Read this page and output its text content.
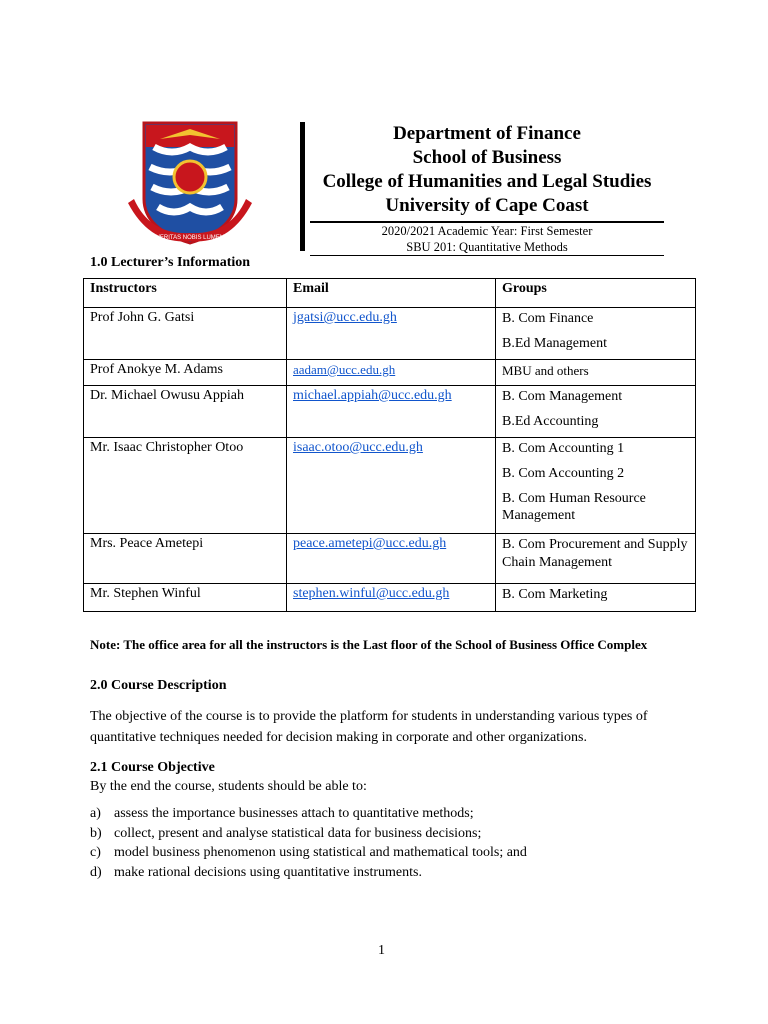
VERITAS NOBIS LUMEN
Department of Finance
School of Business
College of Humanities and Legal Studies
University of Cape Coast
2020/2021 Academic Year: First Semester
SBU 201: Quantitative Methods
1.0 Lecturer’s Information
Instructors	Email	Groups
Prof John G. Gatsi	jgatsi@ucc.edu.gh	B. Com Finance
B.Ed Management

Prof Anokye M. Adams	aadam@ucc.edu.gh	MBU and others

Dr. Michael Owusu Appiah	michael.appiah@ucc.edu.gh	B. Com Management
B.Ed Accounting

Mr. Isaac Christopher Otoo	isaac.otoo@ucc.edu.gh	B. Com Accounting 1
B. Com Accounting 2
B. Com Human Resource Management

Mrs. Peace Ametepi	peace.ametepi@ucc.edu.gh	B. Com Procurement and Supply Chain Management

Mr. Stephen Winful	stephen.winful@ucc.edu.gh	B. Com Marketing
Note: The office area for all the instructors is the Last floor of the School of Business Office Complex
2.0 Course Description
The objective of the course is to provide the platform for students in understanding various types of quantitative techniques needed for decision making in corporate and other organizations.
2.1 Course Objective
By the end the course, students should be able to:
a) assess the importance businesses attach to quantitative methods;
b) collect, present and analyse statistical data for business decisions;
c) model business phenomenon using statistical and mathematical tools; and
d) make rational decisions using quantitative instruments.
1
